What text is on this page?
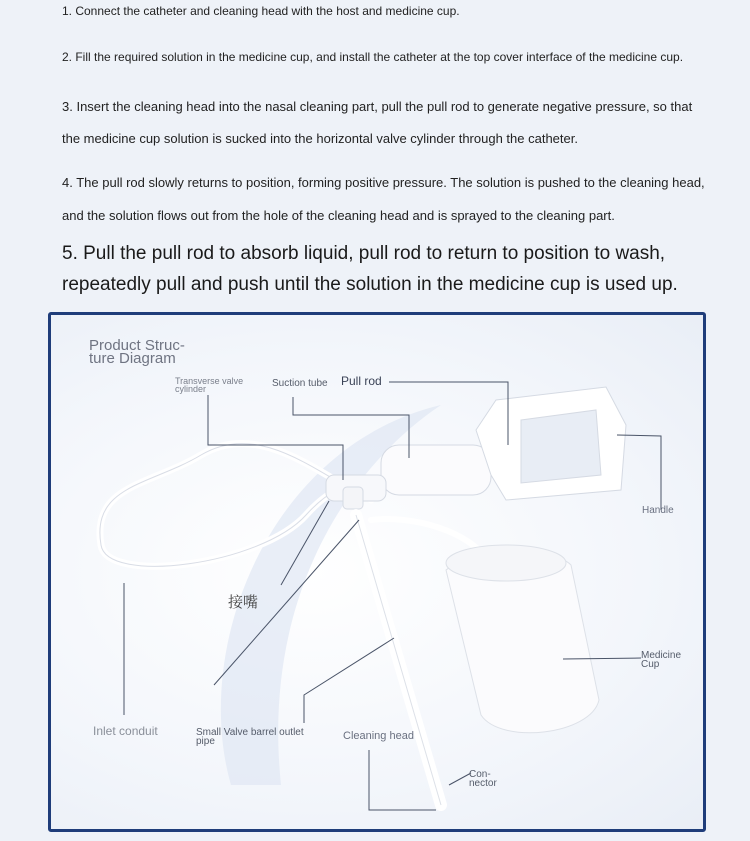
1. Connect the catheter and cleaning head with the host and medicine cup.

2. Fill the required solution in the medicine cup, and install the catheter at the top cover interface of the medicine cup.

3. Insert the cleaning head into the nasal cleaning part, pull the pull rod to generate negative pressure, so that the medicine cup solution is sucked into the horizontal valve cylinder through the catheter.

4. The pull rod slowly returns to position, forming positive pressure. The solution is pushed to the cleaning head, and the solution flows out from the hole of the cleaning head and is sprayed to the cleaning part.

5. Pull the pull rod to absorb liquid, pull rod to return to position to wash, repeatedly pull and push until the solution in the medicine cup is used up.

Product Struc-ture Diagram
Transverse valve cylinder	Suction tube Pull rod
Handle
接嘴
Medicine Cup
Inlet conduit	Small Valve barrel outlet pipe	Cleaning head
Con-nector
